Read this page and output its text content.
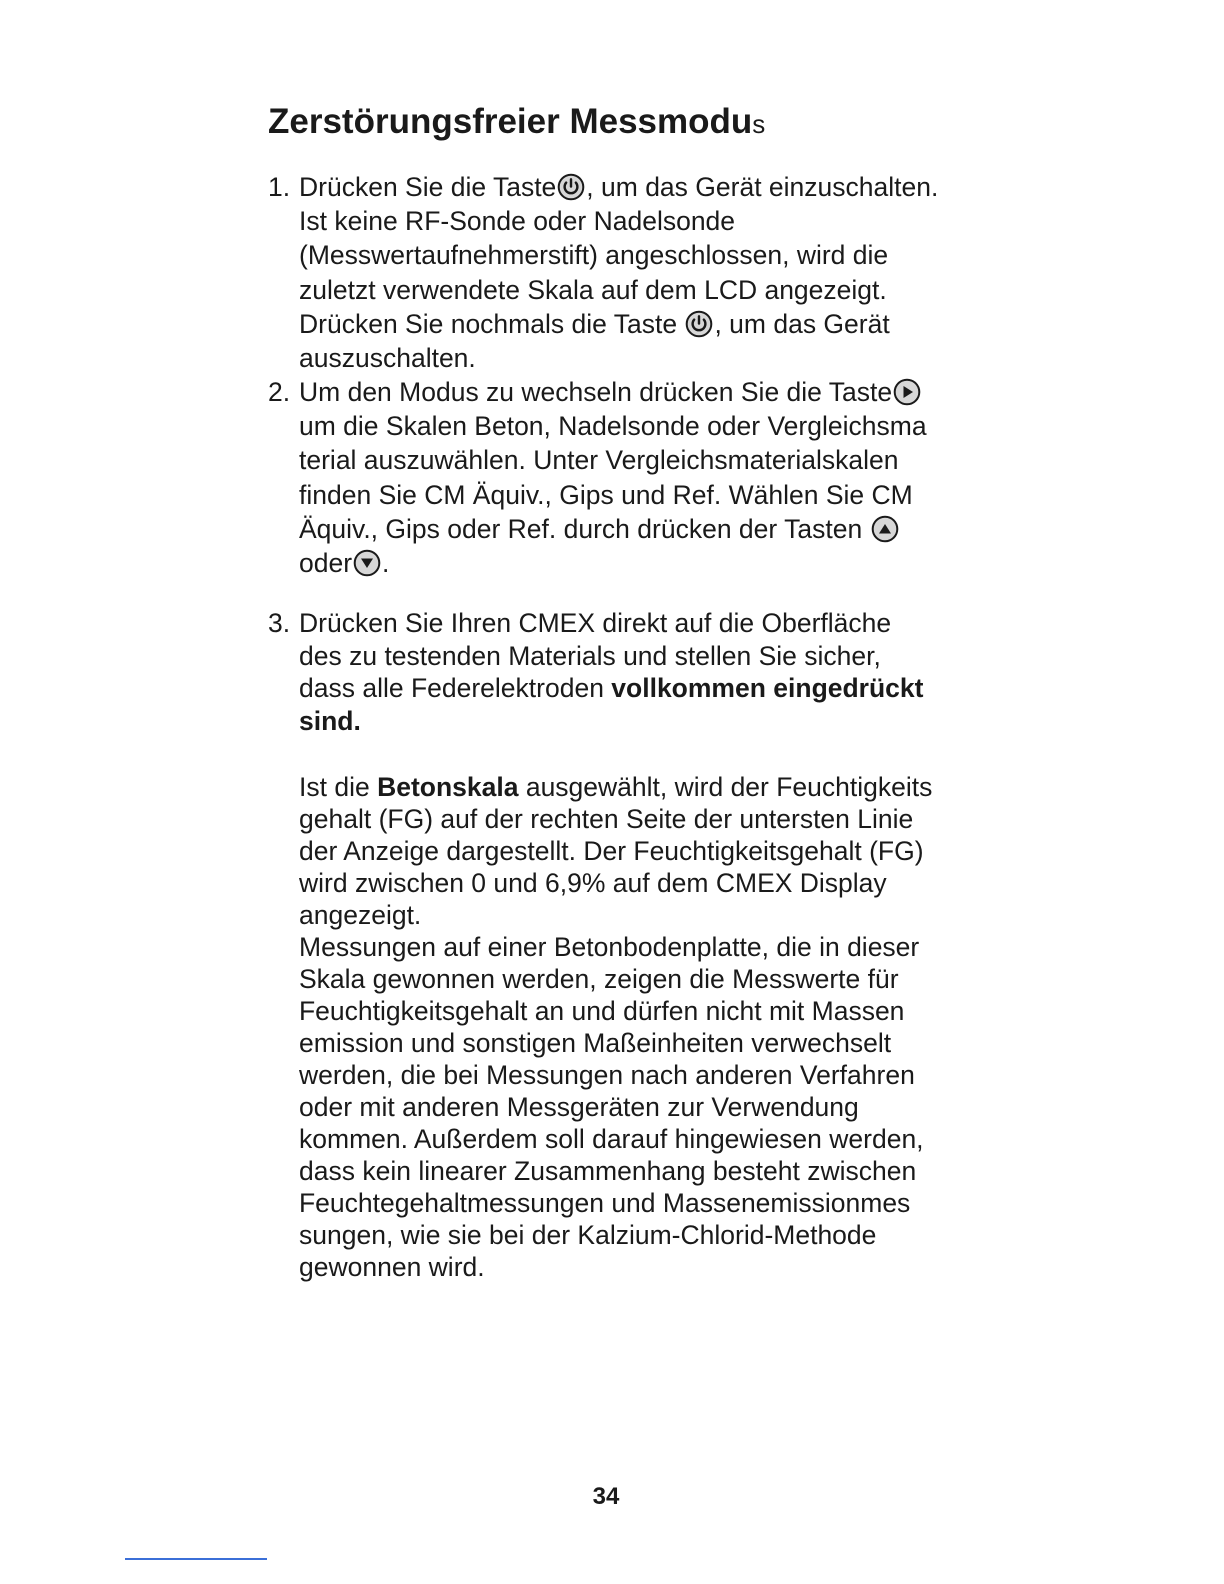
Zerstörungsfreier Messmodus
1. Drücken Sie die Taste , um das Gerät einzuschalten.
Ist keine RF-Sonde oder Nadelsonde
(Messwertaufnehmerstift) angeschlossen, wird die
zuletzt verwendete Skala auf dem LCD angezeigt.
Drücken Sie nochmals die Taste
, um das Gerät
auszuschalten.
2. Um den Modus zu wechseln drücken Sie die Taste
um die Skalen Beton, Nadelsonde oder Vergleichsma
terial auszuwählen. Unter Vergleichsmaterialskalen
finden Sie CM Äquiv., Gips und Ref. Wählen Sie CM
Äquiv., Gips oder Ref. durch drücken der Tasten
oder .
3. Drücken Sie Ihren CMEX direkt auf die Oberfläche
des zu testenden Materials und stellen Sie sicher,
dass alle Federelektroden vollkommen eingedrückt
sind.
Ist die Betonskala ausgewählt, wird der Feuchtigkeits
gehalt (FG) auf der rechten Seite der untersten Linie
der Anzeige dargestellt. Der Feuchtigkeitsgehalt (FG)
wird zwischen 0 und 6,9% auf dem CMEX Display
angezeigt.
Messungen auf einer Betonbodenplatte, die in dieser
Skala gewonnen werden, zeigen die Messwerte für
Feuchtigkeitsgehalt an und dürfen nicht mit Massen
emission und sonstigen Maßeinheiten verwechselt
werden, die bei Messungen nach anderen Verfahren
oder mit anderen Messgeräten zur Verwendung
kommen. Außerdem soll darauf hingewiesen werden,
dass kein linearer Zusammenhang besteht zwischen
Feuchtegehaltmessungen und Massenemissionmes
sungen, wie sie bei der Kalzium-Chlorid-Methode
gewonnen wird.
34
